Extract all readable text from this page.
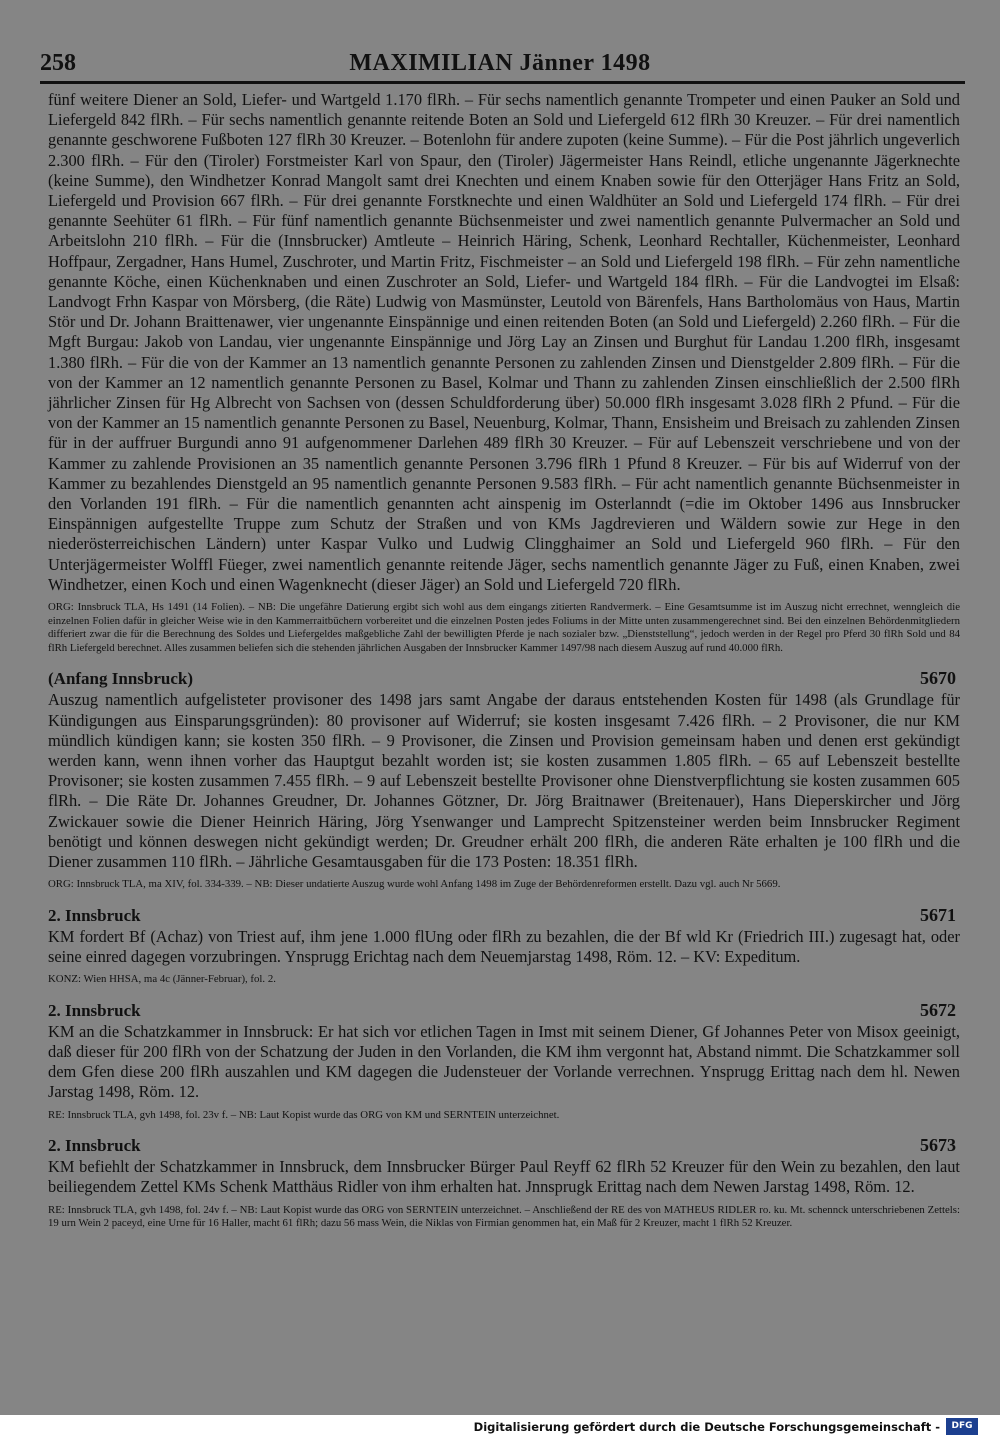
258	MAXIMILIAN Jänner 1498

fünf weitere Diener an Sold, Liefer- und Wartgeld 1.170 flRh. – Für sechs namentlich genannte Trompeter und einen Pauker an Sold und Liefergeld 842 flRh. – Für sechs namentlich genannte reitende Boten an Sold und Liefergeld 612 flRh 30 Kreuzer. – Für drei namentlich genannte geschworene Fußboten 127 flRh 30 Kreuzer. – Botenlohn für andere zupoten (keine Summe). – Für die Post jährlich ungeverlich 2.300 flRh. – Für den (Tiroler) Forstmeister Karl von Spaur, den (Tiroler) Jägermeister Hans Reindl, etliche ungenannte Jägerknechte (keine Summe), den Windhetzer Konrad Mangolt samt drei Knechten und einem Knaben sowie für den Otterjäger Hans Fritz an Sold, Liefergeld und Provision 667 flRh. – Für drei genannte Forstknechte und einen Waldhüter an Sold und Liefergeld 174 flRh. – Für drei genannte Seehüter 61 flRh. – Für fünf namentlich genannte Büchsenmeister und zwei namentlich genannte Pulvermacher an Sold und Arbeitslohn 210 flRh. – Für die (Innsbrucker) Amtleute – Heinrich Häring, Schenk, Leonhard Rechtaller, Küchenmeister, Leonhard Hoffpaur, Zergadner, Hans Humel, Zuschroter, und Martin Fritz, Fischmeister – an Sold und Liefergeld 198 flRh. – Für zehn namentliche genannte Köche, einen Küchenknaben und einen Zuschroter an Sold, Liefer- und Wartgeld 184 flRh. – Für die Landvogtei im Elsaß: Landvogt Frhn Kaspar von Mörsberg, (die Räte) Ludwig von Masmünster, Leutold von Bärenfels, Hans Bartholomäus von Haus, Martin Stör und Dr. Johann Braittenawer, vier ungenannte Einspännige und einen reitenden Boten (an Sold und Liefergeld) 2.260 flRh. – Für die Mgft Burgau: Jakob von Landau, vier ungenannte Einspännige und Jörg Lay an Zinsen und Burghut für Landau 1.200 flRh, insgesamt 1.380 flRh. – Für die von der Kammer an 13 namentlich genannte Personen zu zahlenden Zinsen und Dienstgelder 2.809 flRh. – Für die von der Kammer an 12 namentlich genannte Personen zu Basel, Kolmar und Thann zu zahlenden Zinsen einschließlich der 2.500 flRh jährlicher Zinsen für Hg Albrecht von Sachsen von (dessen Schuldforderung über) 50.000 flRh insgesamt 3.028 flRh 2 Pfund. – Für die von der Kammer an 15 namentlich genannte Personen zu Basel, Neuenburg, Kolmar, Thann, Ensisheim und Breisach zu zahlenden Zinsen für in der auffruer Burgundi anno 91 aufgenommener Darlehen 489 flRh 30 Kreuzer. – Für auf Lebenszeit verschriebene und von der Kammer zu zahlende Provisionen an 35 namentlich genannte Personen 3.796 flRh 1 Pfund 8 Kreuzer. – Für bis auf Widerruf von der Kammer zu bezahlendes Dienstgeld an 95 namentlich genannte Personen 9.583 flRh. – Für acht namentlich genannte Büchsenmeister in den Vorlanden 191 flRh. – Für die namentlich genannten acht ainspenig im Osterlanndt (=die im Oktober 1496 aus Innsbrucker Einspännigen aufgestellte Truppe zum Schutz der Straßen und von KMs Jagdrevieren und Wäldern sowie zur Hege in den niederösterreichischen Ländern) unter Kaspar Vulko und Ludwig Clingghaimer an Sold und Liefergeld 960 flRh. – Für den Unterjägermeister Wolffl Füeger, zwei namentlich genannte reitende Jäger, sechs namentlich genannte Jäger zu Fuß, einen Knaben, zwei Windhetzer, einen Koch und einen Wagenknecht (dieser Jäger) an Sold und Liefergeld 720 flRh.

ORG: Innsbruck TLA, Hs 1491 (14 Folien). – NB: Die ungefähre Datierung ergibt sich wohl aus dem eingangs zitierten Randvermerk. – Eine Gesamtsumme ist im Auszug nicht errechnet, wenngleich die einzelnen Folien dafür in gleicher Weise wie in den Kammerraitbüchern vorbereitet und die einzelnen Posten jedes Foliums in der Mitte unten zusammengerechnet sind. Bei den einzelnen Behördenmitgliedern differiert zwar die für die Berechnung des Soldes und Liefergeldes maßgebliche Zahl der bewilligten Pferde je nach sozialer bzw. „Dienststellung“, jedoch werden in der Regel pro Pferd 30 flRh Sold und 84 flRh Liefergeld berechnet. Alles zusammen beliefen sich die stehenden jährlichen Ausgaben der Innsbrucker Kammer 1497/98 nach diesem Auszug auf rund 40.000 flRh.

(Anfang Innsbruck)	5670

Auszug namentlich aufgelisteter provisoner des 1498 jars samt Angabe der daraus entstehenden Kosten für 1498 (als Grundlage für Kündigungen aus Einsparungsgründen): 80 provisoner auf Widerruf; sie kosten insgesamt 7.426 flRh. – 2 Provisoner, die nur KM mündlich kündigen kann; sie kosten 350 flRh. – 9 Provisoner, die Zinsen und Provision gemeinsam haben und denen erst gekündigt werden kann, wenn ihnen vorher das Hauptgut bezahlt worden ist; sie kosten zusammen 1.805 flRh. – 65 auf Lebenszeit bestellte Provisoner; sie kosten zusammen 7.455 flRh. – 9 auf Lebenszeit bestellte Provisoner ohne Dienstverpflichtung sie kosten zusammen 605 flRh. – Die Räte Dr. Johannes Greudner, Dr. Johannes Götzner, Dr. Jörg Braitnawer (Breitenauer), Hans Dieperskircher und Jörg Zwickauer sowie die Diener Heinrich Häring, Jörg Ysenwanger und Lamprecht Spitzensteiner werden beim Innsbrucker Regiment benötigt und können deswegen nicht gekündigt werden; Dr. Greudner erhält 200 flRh, die anderen Räte erhalten je 100 flRh und die Diener zusammen 110 flRh. – Jährliche Gesamtausgaben für die 173 Posten: 18.351 flRh.

ORG: Innsbruck TLA, ma XIV, fol. 334-339. – NB: Dieser undatierte Auszug wurde wohl Anfang 1498 im Zuge der Behördenreformen erstellt. Dazu vgl. auch Nr 5669.

2. Innsbruck	5671

KM fordert Bf (Achaz) von Triest auf, ihm jene 1.000 flUng oder flRh zu bezahlen, die der Bf wld Kr (Friedrich III.) zugesagt hat, oder seine einred dagegen vorzubringen. Ynsprugg Erichtag nach dem Neuemjarstag 1498, Röm. 12. – KV: Expeditum.

KONZ: Wien HHSA, ma 4c (Jänner-Februar), fol. 2.

2. Innsbruck	5672

KM an die Schatzkammer in Innsbruck: Er hat sich vor etlichen Tagen in Imst mit seinem Diener, Gf Johannes Peter von Misox geeinigt, daß dieser für 200 flRh von der Schatzung der Juden in den Vorlanden, die KM ihm vergonnt hat, Abstand nimmt. Die Schatzkammer soll dem Gfen diese 200 flRh auszahlen und KM dagegen die Judensteuer der Vorlande verrechnen. Ynsprugg Erittag nach dem hl. Newen Jarstag 1498, Röm. 12.

RE: Innsbruck TLA, gvh 1498, fol. 23v f. – NB: Laut Kopist wurde das ORG von KM und SERNTEIN unterzeichnet.

2. Innsbruck	5673

KM befiehlt der Schatzkammer in Innsbruck, dem Innsbrucker Bürger Paul Reyff 62 flRh 52 Kreuzer für den Wein zu bezahlen, den laut beiliegendem Zettel KMs Schenk Matthäus Ridler von ihm erhalten hat. Jnnsprugk Erittag nach dem Newen Jarstag 1498, Röm. 12.

RE: Innsbruck TLA, gvh 1498, fol. 24v f. – NB: Laut Kopist wurde das ORG von SERNTEIN unterzeichnet. – Anschließend der RE des von MATHEUS RIDLER ro. ku. Mt. schennck unterschriebenen Zettels: 19 urn Wein 2 paceyd, eine Urne für 16 Haller, macht 61 flRh; dazu 56 mass Wein, die Niklas von Firmian genommen hat, ein Maß für 2 Kreuzer, macht 1 flRh 52 Kreuzer.

Digitalisierung gefördert durch die Deutsche Forschungsgemeinschaft -	DFG
